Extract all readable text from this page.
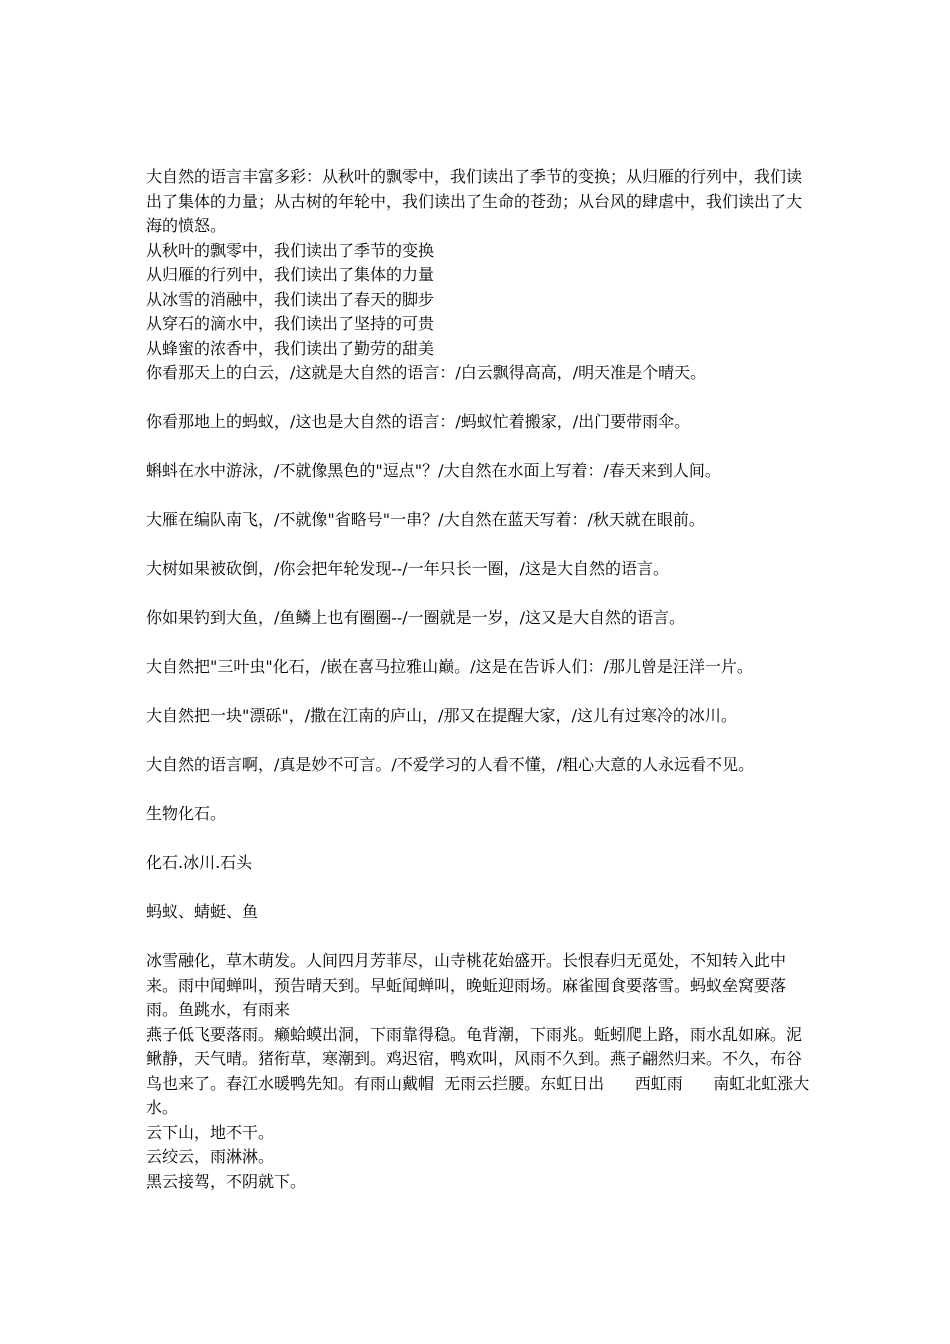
大自然的语言丰富多彩：从秋叶的飘零中，我们读出了季节的变换；从归雁的行列中，我们读出了集体的力量；从古树的年轮中，我们读出了生命的苍劲；从台风的肆虐中，我们读出了大海的愤怒。

从秋叶的飘零中，我们读出了季节的变换

从归雁的行列中，我们读出了集体的力量

从冰雪的消融中，我们读出了春天的脚步

从穿石的滴水中，我们读出了坚持的可贵

从蜂蜜的浓香中，我们读出了勤劳的甜美

你看那天上的白云，/这就是大自然的语言：/白云飘得高高，/明天准是个晴天。

你看那地上的蚂蚁，/这也是大自然的语言：/蚂蚁忙着搬家，/出门要带雨伞。

蝌蚪在水中游泳，/不就像黑色的"逗点"？/大自然在水面上写着：/春天来到人间。

大雁在编队南飞，/不就像"省略号"一串？/大自然在蓝天写着：/秋天就在眼前。

大树如果被砍倒，/你会把年轮发现--/一年只长一圈，/这是大自然的语言。

你如果钓到大鱼，/鱼鳞上也有圈圈--/一圈就是一岁，/这又是大自然的语言。

大自然把"三叶虫"化石，/嵌在喜马拉雅山巅。/这是在告诉人们：/那儿曾是汪洋一片。

大自然把一块"漂砾"，/撒在江南的庐山，/那又在提醒大家，/这儿有过寒冷的冰川。

大自然的语言啊，/真是妙不可言。/不爱学习的人看不懂，/粗心大意的人永远看不见。

生物化石。

化石.冰川.石头

蚂蚁、蜻蜓、鱼

冰雪融化，草木萌发。人间四月芳菲尽，山寺桃花始盛开。长恨春归无觅处，不知转入此中来。雨中闻蝉叫，预告晴天到。早蚯闻蝉叫，晚蚯迎雨场。麻雀囤食要落雪。蚂蚁垒窝要落雨。鱼跳水，有雨来

燕子低飞要落雨。癞蛤蟆出洞，下雨靠得稳。龟背潮，下雨兆。蚯蚓爬上路，雨水乱如麻。泥鳅静，天气晴。猪衔草，寒潮到。鸡迟宿，鸭欢叫，风雨不久到。燕子翩然归来。不久，布谷鸟也来了。春江水暖鸭先知。有雨山戴帽  无雨云拦腰。东虹日出      西虹雨      南虹北虹涨大水。

云下山，地不干。

云绞云，雨淋淋。

黑云接驾，不阴就下。
